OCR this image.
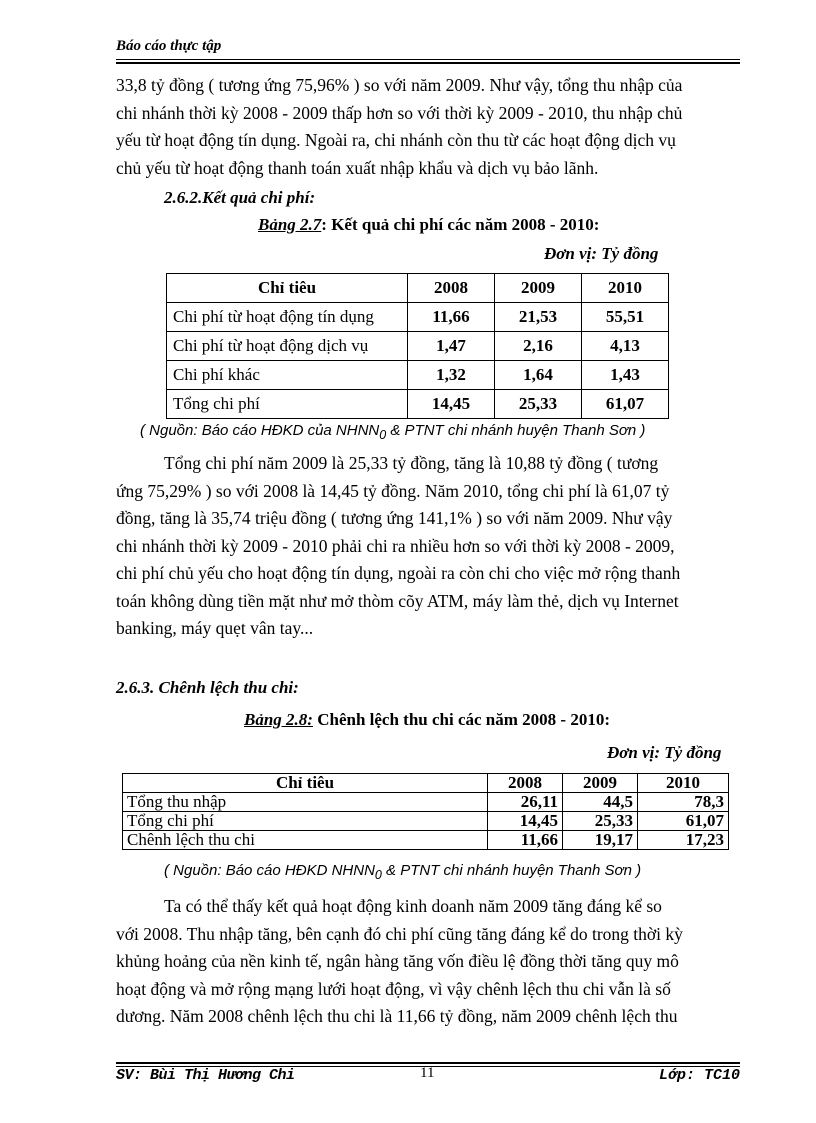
Báo cáo thực tập
33,8 tỷ đồng ( tương ứng 75,96% ) so với năm 2009. Như vậy, tổng thu nhập của
chi nhánh thời kỳ 2008 - 2009 thấp hơn so với thời kỳ 2009 - 2010, thu nhập chủ
yếu từ hoạt động tín dụng. Ngoài ra, chi nhánh còn thu từ các hoạt động dịch vụ
chủ yếu từ hoạt động thanh toán xuất nhập khẩu và dịch vụ bảo lãnh.
2.6.2.Kết quả chi phí:
Bảng 2.7: Kết quả chi phí các năm 2008 - 2010:
Đơn vị: Tỷ đồng
Chỉ tiêu	2008	2009	2010
Chi phí từ hoạt động tín dụng	11,66	21,53	55,51
Chi phí từ hoạt động dịch vụ	1,47	2,16	4,13
Chi phí khác	1,32	1,64	1,43
Tổng chi phí	14,45	25,33	61,07
( Nguồn: Báo cáo HĐKD của $NHNN_0$ & PTNT chi nhánh huyện Thanh Sơn )
Tổng chi phí năm 2009 là 25,33 tỷ đồng, tăng là 10,88 tỷ đồng ( tương
ứng 75,29% ) so với 2008 là 14,45 tỷ đồng. Năm 2010, tổng chi phí là 61,07 tỷ
đồng, tăng là 35,74 triệu đồng ( tương ứng 141,1% ) so với năm 2009. Như vậy
chi nhánh thời kỳ 2009 - 2010 phải chi ra nhiều hơn so với thời kỳ 2008 - 2009,
chi phí chủ yếu cho hoạt động tín dụng, ngoài ra còn chi cho việc mở rộng thanh
toán không dùng tiền mặt như mở thòm cõy ATM, máy làm thẻ, dịch vụ Internet
banking, máy quẹt vân tay...
2.6.3. Chênh lệch thu chi:
Bảng 2.8: Chênh lệch thu chi các năm 2008 - 2010:
Đơn vị: Tỷ đồng
Chỉ tiêu	2008	2009	2010
Tổng thu nhập	26,11	44,5	78,3
Tổng chi phí	14,45	25,33	61,07
Chênh lệch thu chi	11,66	19,17	17,23
( Nguồn: Báo cáo HĐKD $NHNN_0$ & PTNT chi nhánh huyện Thanh Sơn )
Ta có thể thấy kết quả hoạt động kinh doanh năm 2009 tăng đáng kể so
với 2008. Thu nhập tăng, bên cạnh đó chi phí cũng tăng đáng kể do trong thời kỳ
khủng hoảng của nền kinh tế, ngân hàng tăng vốn điều lệ đồng thời tăng quy mô
hoạt động và mở rộng mạng lưới hoạt động, vì vậy chênh lệch thu chi vẫn là số
dương. Năm 2008 chênh lệch thu chi là 11,66 tỷ đồng, năm 2009 chênh lệch thu
SV: Bùi Thị Hương Chi	11	Lớp: TC10
